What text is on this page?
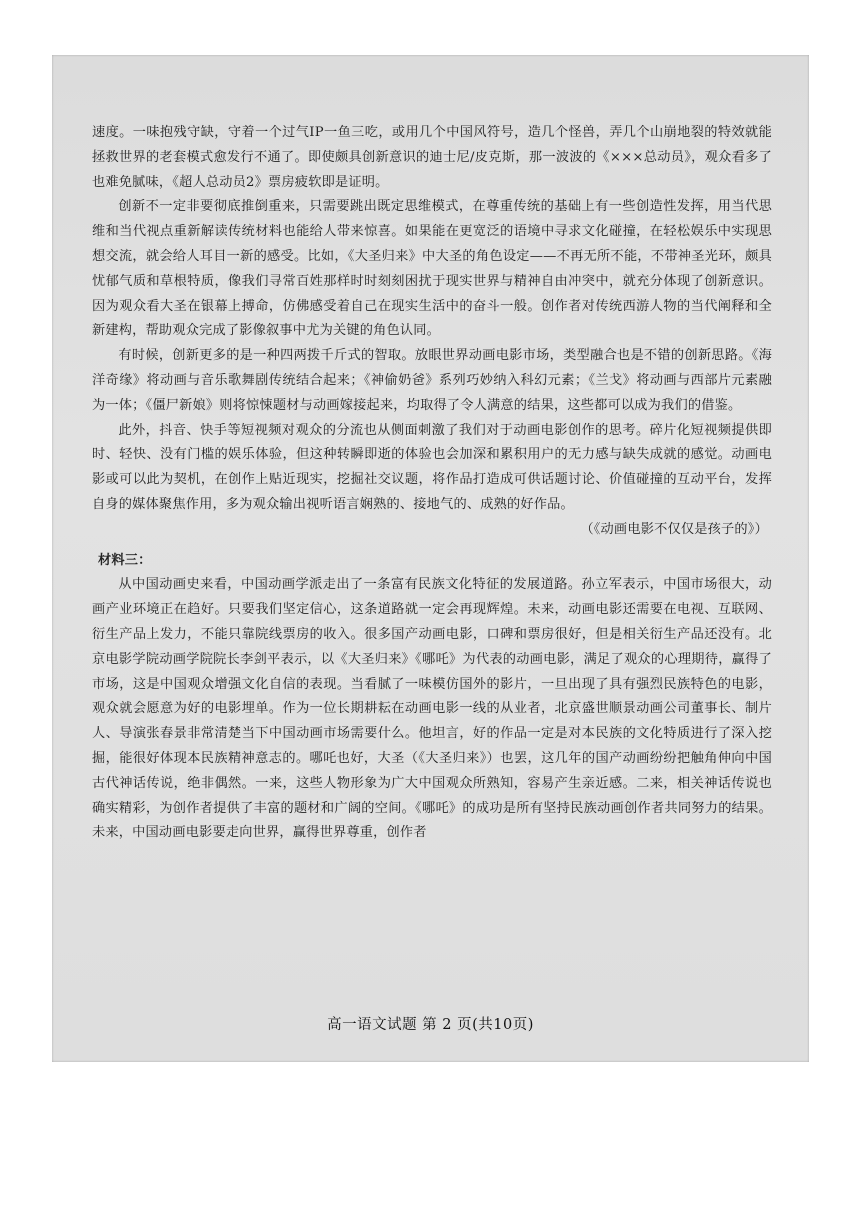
速度。一味抱残守缺，守着一个过气IP一鱼三吃，或用几个中国风符号，造几个怪兽，弄几个山崩地裂的特效就能拯救世界的老套模式愈发行不通了。即使颇具创新意识的迪士尼/皮克斯，那一波波的《×××总动员》，观众看多了也难免腻味，《超人总动员2》票房疲软即是证明。

创新不一定非要彻底推倒重来，只需要跳出既定思维模式，在尊重传统的基础上有一些创造性发挥，用当代思维和当代视点重新解读传统材料也能给人带来惊喜。如果能在更宽泛的语境中寻求文化碰撞，在轻松娱乐中实现思想交流，就会给人耳目一新的感受。比如，《大圣归来》中大圣的角色设定——不再无所不能，不带神圣光环，颇具忧郁气质和草根特质，像我们寻常百姓那样时时刻刻困扰于现实世界与精神自由冲突中，就充分体现了创新意识。因为观众看大圣在银幕上搏命，仿佛感受着自己在现实生活中的奋斗一般。创作者对传统西游人物的当代阐释和全新建构，帮助观众完成了影像叙事中尤为关键的角色认同。

有时候，创新更多的是一种四两拨千斤式的智取。放眼世界动画电影市场，类型融合也是不错的创新思路。《海洋奇缘》将动画与音乐歌舞剧传统结合起来；《神偷奶爸》系列巧妙纳入科幻元素；《兰戈》将动画与西部片元素融为一体；《僵尸新娘》则将惊悚题材与动画嫁接起来，均取得了令人满意的结果，这些都可以成为我们的借鉴。

此外，抖音、快手等短视频对观众的分流也从侧面刺激了我们对于动画电影创作的思考。碎片化短视频提供即时、轻快、没有门槛的娱乐体验，但这种转瞬即逝的体验也会加深和累积用户的无力感与缺失成就的感觉。动画电影或可以此为契机，在创作上贴近现实，挖掘社交议题，将作品打造成可供话题讨论、价值碰撞的互动平台，发挥自身的媒体聚焦作用，多为观众输出视听语言娴熟的、接地气的、成熟的好作品。

（《动画电影不仅仅是孩子的》）

材料三：

从中国动画史来看，中国动画学派走出了一条富有民族文化特征的发展道路。孙立军表示，中国市场很大，动画产业环境正在趋好。只要我们坚定信心，这条道路就一定会再现辉煌。未来，动画电影还需要在电视、互联网、衍生产品上发力，不能只靠院线票房的收入。很多国产动画电影，口碑和票房很好，但是相关衍生产品还没有。北京电影学院动画学院院长李剑平表示，以《大圣归来》《哪吒》为代表的动画电影，满足了观众的心理期待，赢得了市场，这是中国观众增强文化自信的表现。当看腻了一味模仿国外的影片，一旦出现了具有强烈民族特色的电影，观众就会愿意为好的电影埋单。作为一位长期耕耘在动画电影一线的从业者，北京盛世顺景动画公司董事长、制片人、导演张春景非常清楚当下中国动画市场需要什么。他坦言，好的作品一定是对本民族的文化特质进行了深入挖掘，能很好体现本民族精神意志的。哪吒也好，大圣（《大圣归来》）也罢，这几年的国产动画纷纷把触角伸向中国古代神话传说，绝非偶然。一来，这些人物形象为广大中国观众所熟知，容易产生亲近感。二来，相关神话传说也确实精彩，为创作者提供了丰富的题材和广阔的空间。《哪吒》的成功是所有坚持民族动画创作者共同努力的结果。未来，中国动画电影要走向世界，赢得世界尊重，创作者

高一语文试题 第 2 页(共10页)
